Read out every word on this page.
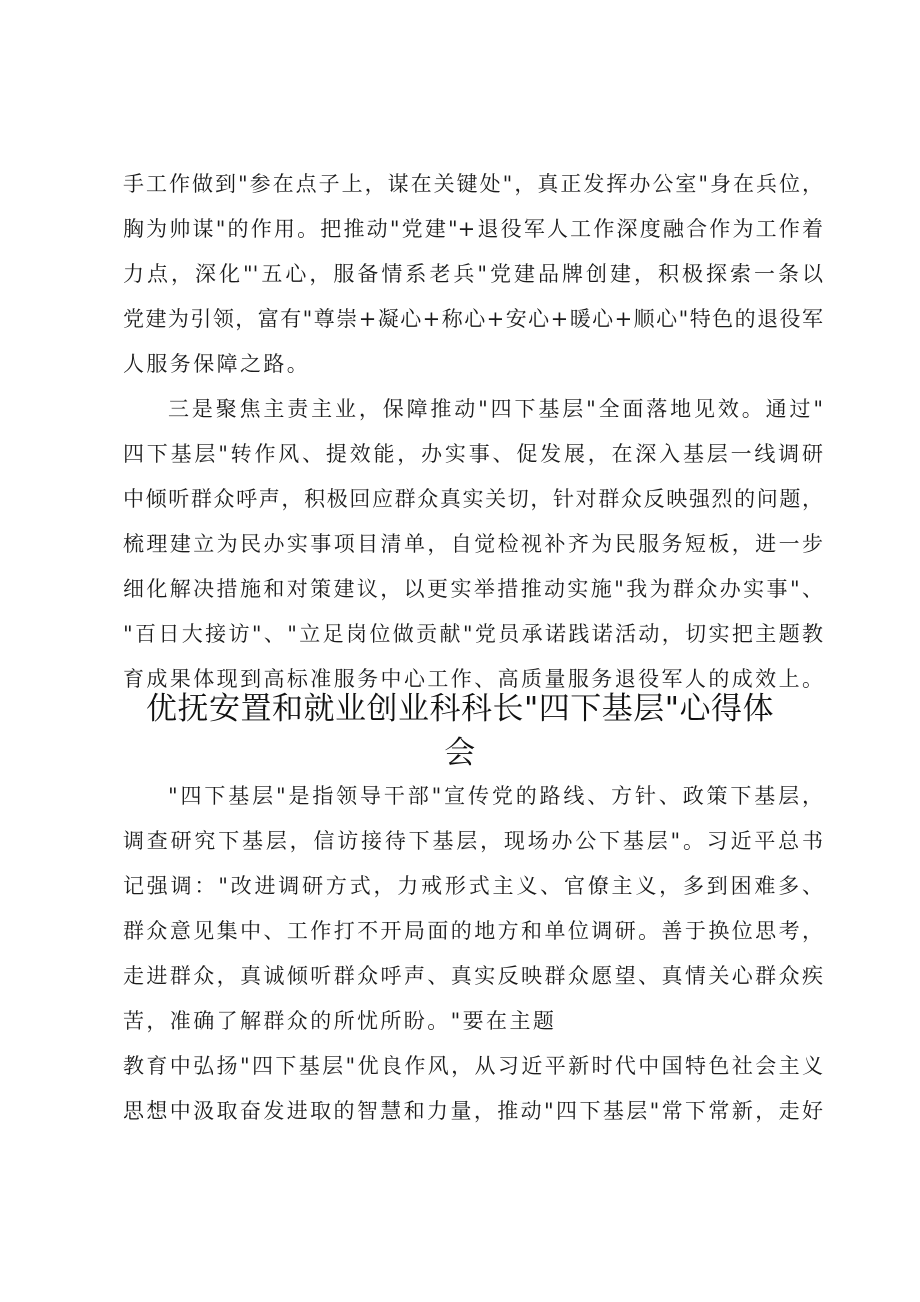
手工作做到"参在点子上，谋在关键处"，真正发挥办公室"身在兵位，
胸为帅谋"的作用。把推动"党建"+退役军人工作深度融合作为工作着
力点，深化"'五心，服备情系老兵"党建品牌创建，积极探索一条以
党建为引领，富有"尊崇+凝心+称心+安心+暖心+顺心"特色的退役军
人服务保障之路。
三是聚焦主责主业，保障推动"四下基层"全面落地见效。通过"
四下基层"转作风、提效能，办实事、促发展，在深入基层一线调研
中倾听群众呼声，积极回应群众真实关切，针对群众反映强烈的问题，
梳理建立为民办实事项目清单，自觉检视补齐为民服务短板，进一步
细化解决措施和对策建议，以更实举措推动实施"我为群众办实事"、
"百日大接访"、"立足岗位做贡献"党员承诺践诺活动，切实把主题教
育成果体现到高标准服务中心工作、高质量服务退役军人的成效上。
优抚安置和就业创业科科长"四下基层"心得体
会
"四下基层"是指领导干部"宣传党的路线、方针、政策下基层，
调查研究下基层，信访接待下基层，现场办公下基层"。习近平总书
记强调："改进调研方式，力戒形式主义、官僚主义，多到困难多、
群众意见集中、工作打不开局面的地方和单位调研。善于换位思考，
走进群众，真诚倾听群众呼声、真实反映群众愿望、真情关心群众疾
苦，准确了解群众的所忧所盼。"要在主题
教育中弘扬"四下基层"优良作风，从习近平新时代中国特色社会主义
思想中汲取奋发进取的智慧和力量，推动"四下基层"常下常新，走好
